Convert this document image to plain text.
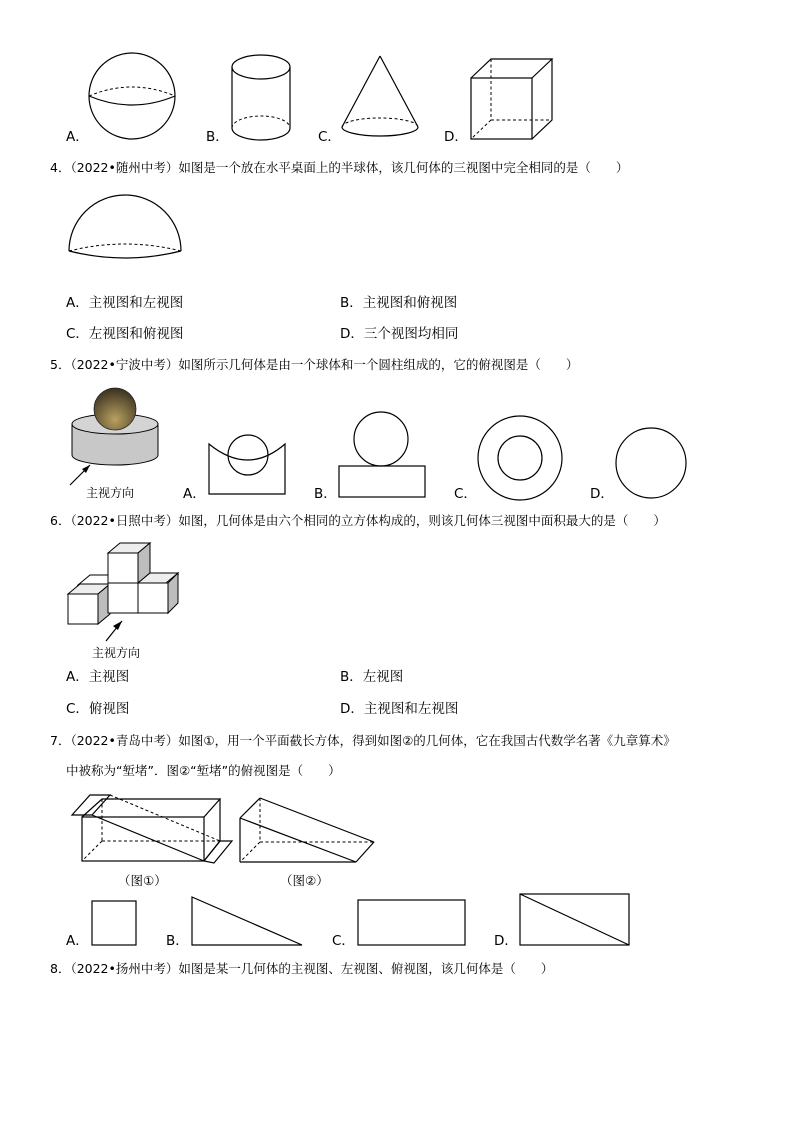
A．	B．	C．	D．
4．（2022•随州中考）如图是一个放在水平桌面上的半球体，该几何体的三视图中完全相同的是（　　）
A．主视图和左视图	B．主视图和俯视图
C．左视图和俯视图	D．三个视图均相同
5．（2022•宁波中考）如图所示几何体是由一个球体和一个圆柱组成的，它的俯视图是（　　）
主视方向	A．	B．	C．	D．
6．（2022•日照中考）如图，几何体是由六个相同的立方体构成的，则该几何体三视图中面积最大的是（　　）
主视方向
A．主视图	B．左视图
C．俯视图	D．主视图和左视图
7．（2022•青岛中考）如图①，用一个平面截长方体，得到如图②的几何体，它在我国古代数学名著《九章算术》
中被称为“堑堵”．图②“堑堵”的俯视图是（　　）
（图①）	（图②）
A．	B．	C．	D．
8．（2022•扬州中考）如图是某一几何体的主视图、左视图、俯视图，该几何体是（　　）
